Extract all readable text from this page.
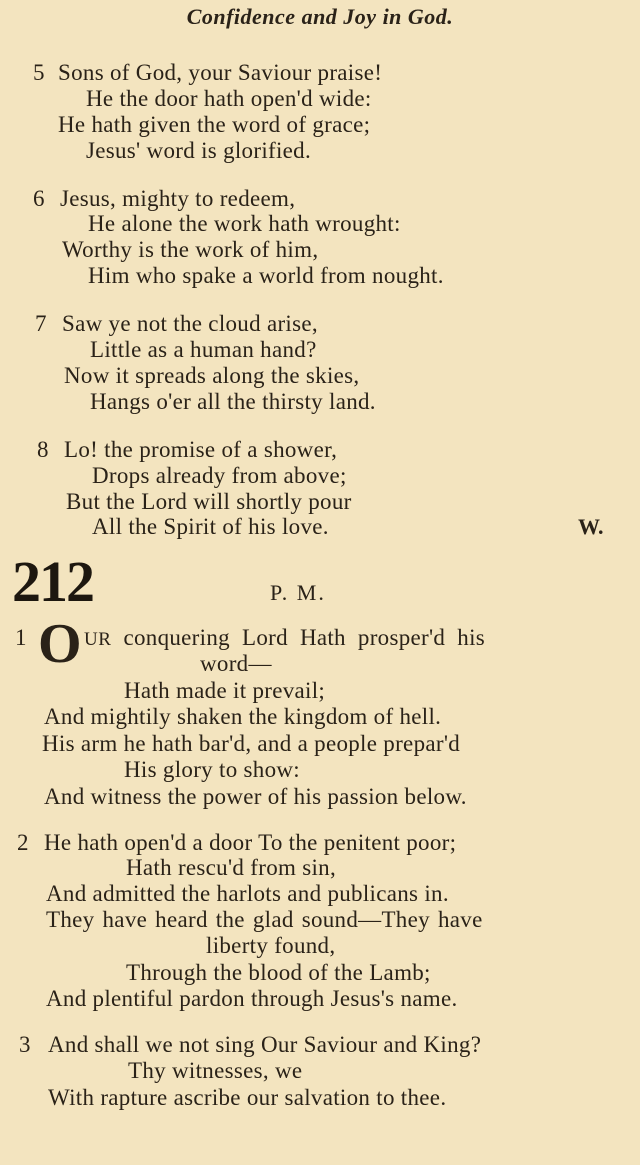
Confidence and Joy in God.
5 Sons of God, your Saviour praise!
He the door hath open'd wide:
He hath given the word of grace;
Jesus' word is glorified.
6 Jesus, mighty to redeem,
He alone the work hath wrought:
Worthy is the work of him,
Him who spake a world from nought.
7 Saw ye not the cloud arise,
Little as a human hand?
Now it spreads along the skies,
Hangs o'er all the thirsty land.
8 Lo! the promise of a shower,
Drops already from above;
But the Lord will shortly pour
All the Spirit of his love.	W.
212	P. M.
1 O UR conquering Lord Hath prosper'd his
word—
Hath made it prevail;
And mightily shaken the kingdom of hell.
His arm he hath bar'd, and a people prepar'd
His glory to show:
And witness the power of his passion below.
2 He hath open'd a door To the penitent poor;
Hath rescu'd from sin,
And admitted the harlots and publicans in.
They have heard the glad sound—They have
liberty found,
Through the blood of the Lamb;
And plentiful pardon through Jesus's name.
3 And shall we not sing Our Saviour and King?
Thy witnesses, we
With rapture ascribe our salvation to thee.
